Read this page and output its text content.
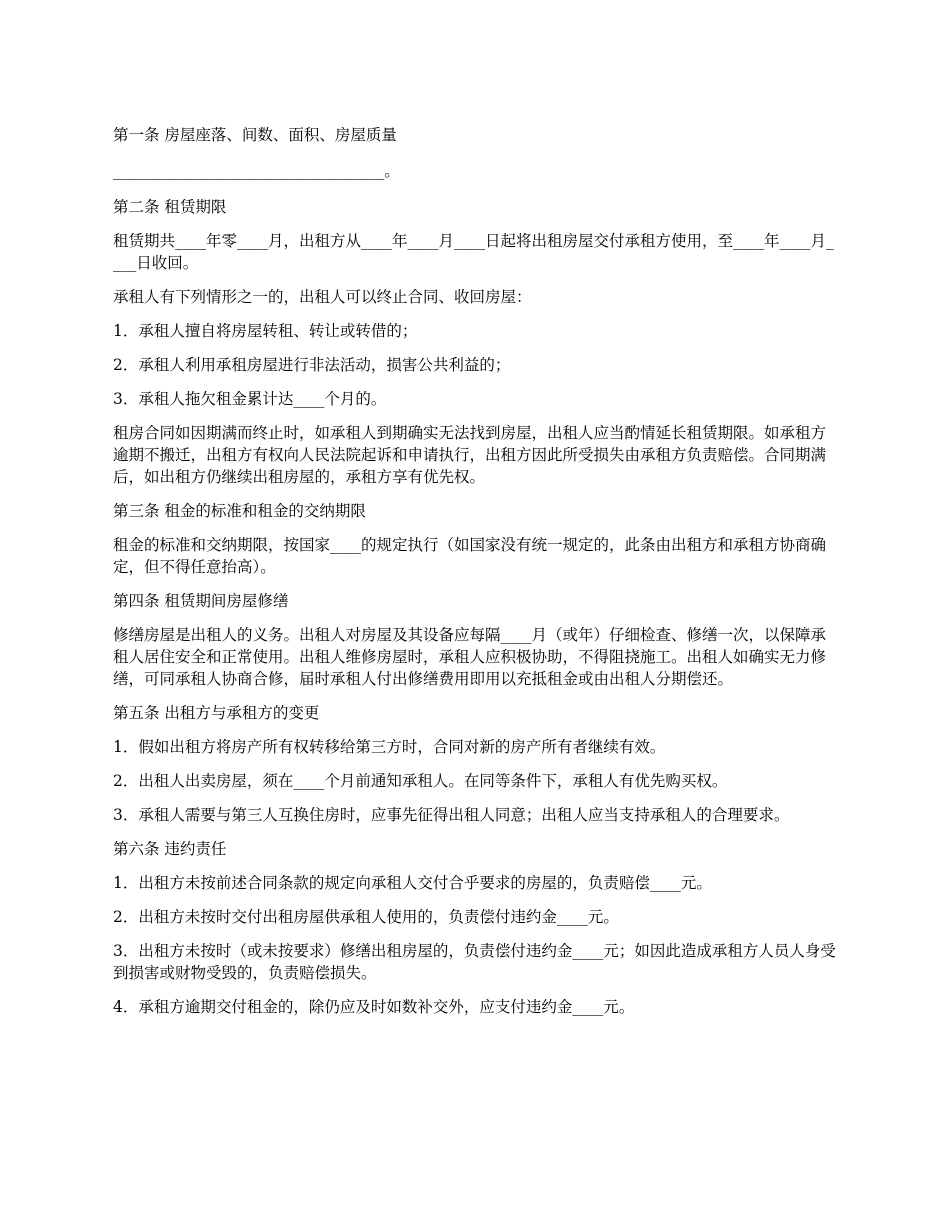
第一条 房屋座落、间数、面积、房屋质量

___________________________________。

第二条 租赁期限

租赁期共____年零____月，出租方从____年____月____日起将出租房屋交付承租方使用，至____年____月____日收回。

承租人有下列情形之一的，出租人可以终止合同、收回房屋：

1．承租人擅自将房屋转租、转让或转借的；

2．承租人利用承租房屋进行非法活动，损害公共利益的；

3．承租人拖欠租金累计达____个月的。

租房合同如因期满而终止时，如承租人到期确实无法找到房屋，出租人应当酌情延长租赁期限。如承租方逾期不搬迁，出租方有权向人民法院起诉和申请执行，出租方因此所受损失由承租方负责赔偿。合同期满后，如出租方仍继续出租房屋的，承租方享有优先权。

第三条 租金的标准和租金的交纳期限

租金的标准和交纳期限，按国家____的规定执行（如国家没有统一规定的，此条由出租方和承租方协商确定，但不得任意抬高）。

第四条 租赁期间房屋修缮

修缮房屋是出租人的义务。出租人对房屋及其设备应每隔____月（或年）仔细检查、修缮一次，以保障承租人居住安全和正常使用。出租人维修房屋时，承租人应积极协助，不得阻挠施工。出租人如确实无力修缮，可同承租人协商合修，届时承租人付出修缮费用即用以充抵租金或由出租人分期偿还。

第五条 出租方与承租方的变更

1．假如出租方将房产所有权转移给第三方时，合同对新的房产所有者继续有效。

2．出租人出卖房屋，须在____个月前通知承租人。在同等条件下，承租人有优先购买权。

3．承租人需要与第三人互换住房时，应事先征得出租人同意；出租人应当支持承租人的合理要求。

第六条 违约责任

1．出租方未按前述合同条款的规定向承租人交付合乎要求的房屋的，负责赔偿____元。

2．出租方未按时交付出租房屋供承租人使用的，负责偿付违约金____元。

3．出租方未按时（或未按要求）修缮出租房屋的，负责偿付违约金____元；如因此造成承租方人员人身受到损害或财物受毁的，负责赔偿损失。

4．承租方逾期交付租金的，除仍应及时如数补交外，应支付违约金____元。
